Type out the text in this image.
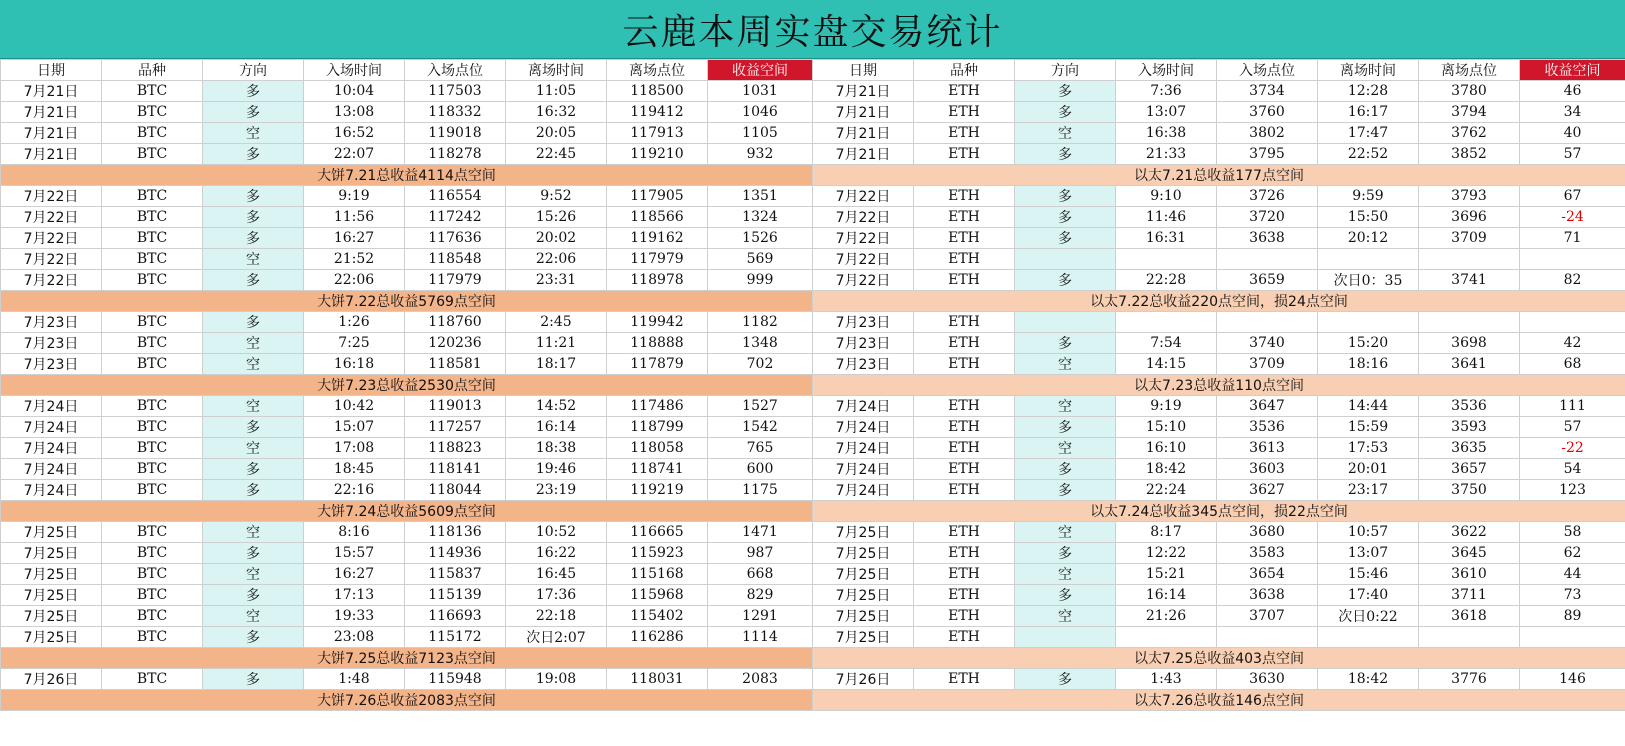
云鹿本周实盘交易统计
日期	品种	方向	入场时间	入场点位	离场时间	离场点位	收益空间
7月21日	BTC	多	10:04	117503	11:05	118500	1031
7月21日	BTC	多	13:08	118332	16:32	119412	1046
7月21日	BTC	空	16:52	119018	20:05	117913	1105
7月21日	BTC	多	22:07	118278	22:45	119210	932
大饼7.21总收益4114点空间							
7月22日	BTC	多	9:19	116554	9:52	117905	1351
7月22日	BTC	多	11:56	117242	15:26	118566	1324
7月22日	BTC	多	16:27	117636	20:02	119162	1526
7月22日	BTC	空	21:52	118548	22:06	117979	569
7月22日	BTC	多	22:06	117979	23:31	118978	999
大饼7.22总收益5769点空间							
7月23日	BTC	多	1:26	118760	2:45	119942	1182
7月23日	BTC	空	7:25	120236	11:21	118888	1348
7月23日	BTC	空	16:18	118581	18:17	117879	702
大饼7.23总收益2530点空间							
7月24日	BTC	空	10:42	119013	14:52	117486	1527
7月24日	BTC	多	15:07	117257	16:14	118799	1542
7月24日	BTC	空	17:08	118823	18:38	118058	765
7月24日	BTC	多	18:45	118141	19:46	118741	600
7月24日	BTC	多	22:16	118044	23:19	119219	1175
大饼7.24总收益5609点空间							
7月25日	BTC	空	8:16	118136	10:52	116665	1471
7月25日	BTC	多	15:57	114936	16:22	115923	987
7月25日	BTC	空	16:27	115837	16:45	115168	668
7月25日	BTC	多	17:13	115139	17:36	115968	829
7月25日	BTC	空	19:33	116693	22:18	115402	1291
7月25日	BTC	多	23:08	115172	次日2:07	116286	1114
大饼7.25总收益7123点空间							
7月26日	BTC	多	1:48	115948	19:08	118031	2083
大饼7.26总收益2083点空间							
日期	品种	方向	入场时间	入场点位	离场时间	离场点位	收益空间
7月21日	ETH	多	7:36	3734	12:28	3780	46
7月21日	ETH	多	13:07	3760	16:17	3794	34
7月21日	ETH	空	16:38	3802	17:47	3762	40
7月21日	ETH	多	21:33	3795	22:52	3852	57
以太7.21总收益177点空间							
7月22日	ETH	多	9:10	3726	9:59	3793	67
7月22日	ETH	多	11:46	3720	15:50	3696	-24
7月22日	ETH	多	16:31	3638	20:12	3709	71
7月22日	ETH						
7月22日	ETH	多	22:28	3659	次日0：35	3741	82
以太7.22总收益220点空间，损24点空间							
7月23日	ETH						
7月23日	ETH	多	7:54	3740	15:20	3698	42
7月23日	ETH	空	14:15	3709	18:16	3641	68
以太7.23总收益110点空间							
7月24日	ETH	空	9:19	3647	14:44	3536	111
7月24日	ETH	多	15:10	3536	15:59	3593	57
7月24日	ETH	空	16:10	3613	17:53	3635	-22
7月24日	ETH	多	18:42	3603	20:01	3657	54
7月24日	ETH	多	22:24	3627	23:17	3750	123
以太7.24总收益345点空间，损22点空间							
7月25日	ETH	空	8:17	3680	10:57	3622	58
7月25日	ETH	多	12:22	3583	13:07	3645	62
7月25日	ETH	空	15:21	3654	15:46	3610	44
7月25日	ETH	多	16:14	3638	17:40	3711	73
7月25日	ETH	空	21:26	3707	次日0:22	3618	89
7月25日	ETH						
以太7.25总收益403点空间							
7月26日	ETH	多	1:43	3630	18:42	3776	146
以太7.26总收益146点空间							
